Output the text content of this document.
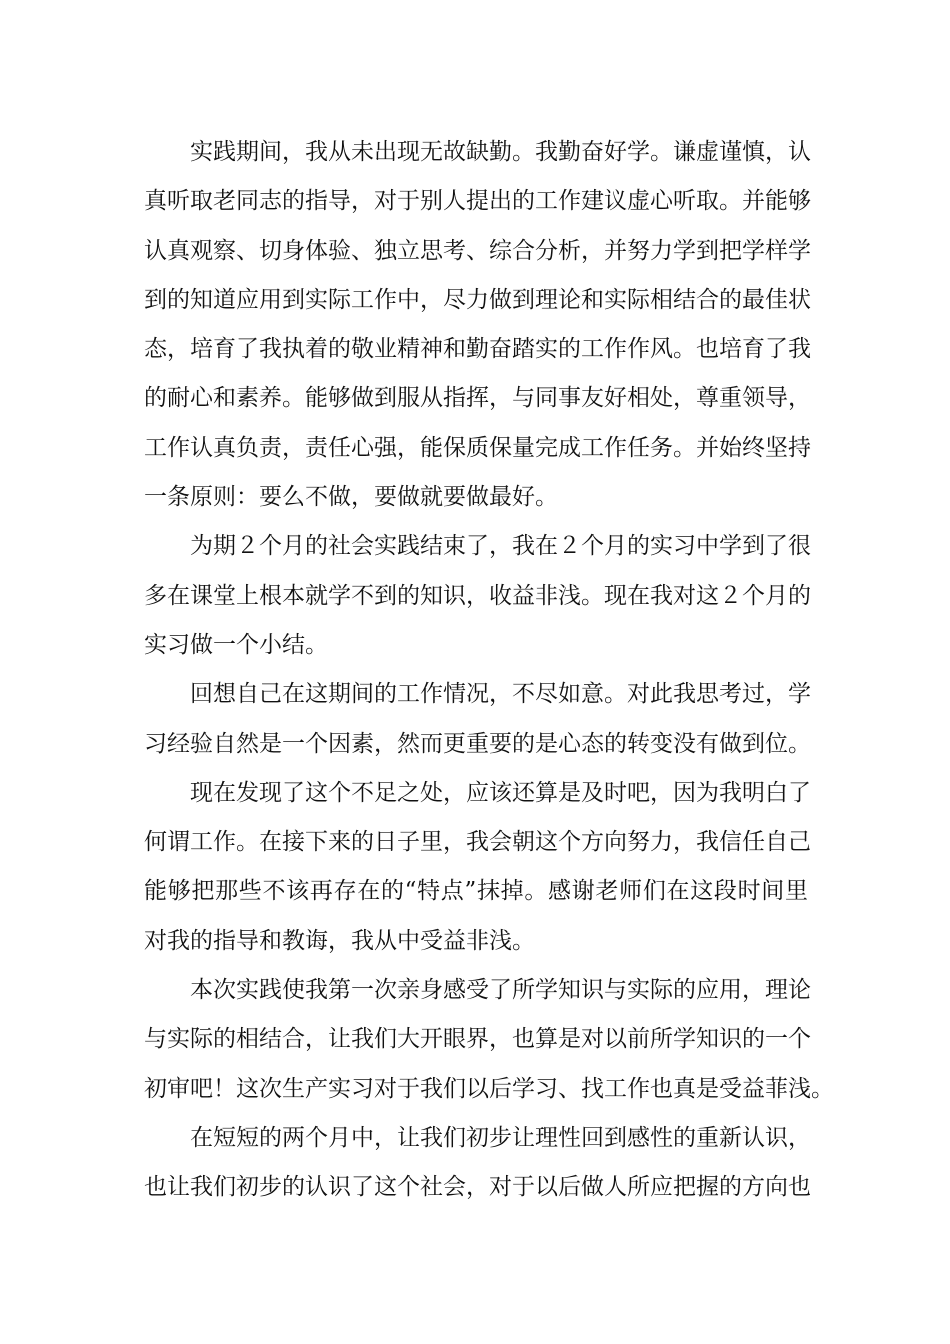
实践期间，我从未出现无故缺勤。我勤奋好学。谦虚谨慎，认
真听取老同志的指导，对于别人提出的工作建议虚心听取。并能够
认真观察、切身体验、独立思考、综合分析，并努力学到把学样学
到的知道应用到实际工作中，尽力做到理论和实际相结合的最佳状
态，培育了我执着的敬业精神和勤奋踏实的工作作风。也培育了我
的耐心和素养。能够做到服从指挥，与同事友好相处，尊重领导，
工作认真负责，责任心强，能保质保量完成工作任务。并始终坚持
一条原则：要么不做，要做就要做最好。
为期２个月的社会实践结束了，我在２个月的实习中学到了很
多在课堂上根本就学不到的知识，收益非浅。现在我对这２个月的
实习做一个小结。
回想自己在这期间的工作情况，不尽如意。对此我思考过，学
习经验自然是一个因素，然而更重要的是心态的转变没有做到位。
现在发现了这个不足之处，应该还算是及时吧，因为我明白了
何谓工作。在接下来的日子里，我会朝这个方向努力，我信任自己
能够把那些不该再存在的“特点”抹掉。感谢老师们在这段时间里
对我的指导和教诲，我从中受益非浅。
本次实践使我第一次亲身感受了所学知识与实际的应用，理论
与实际的相结合，让我们大开眼界，也算是对以前所学知识的一个
初审吧！这次生产实习对于我们以后学习、找工作也真是受益菲浅。
在短短的两个月中，让我们初步让理性回到感性的重新认识，
也让我们初步的认识了这个社会，对于以后做人所应把握的方向也
